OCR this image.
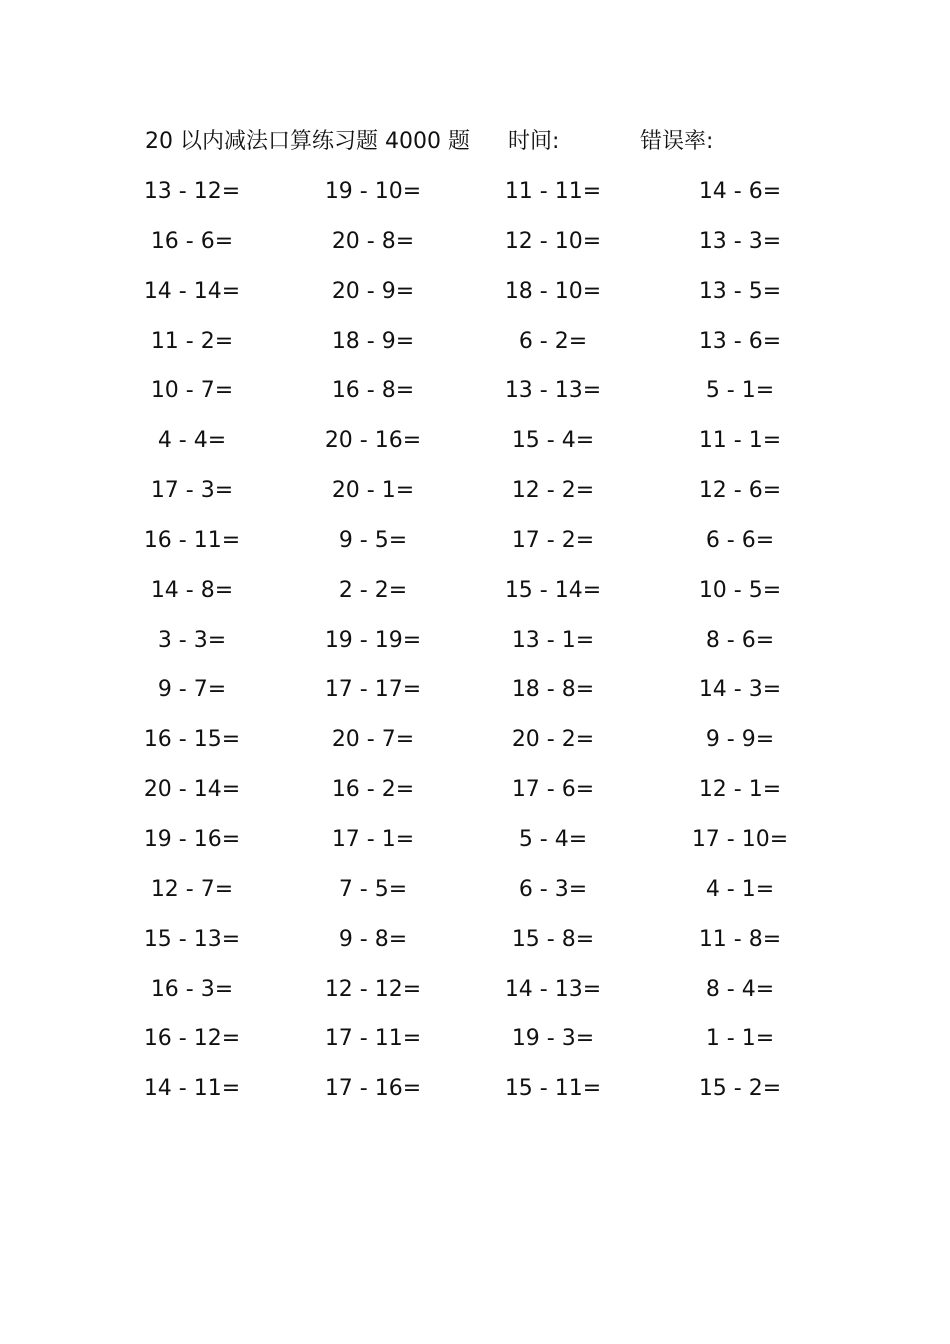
20 以内减法口算练习题 4000 题 时间:	错误率:
13 - 12=	19 - 10=	11 - 11=	14 - 6=
16 - 6=	20 - 8=	12 - 10=	13 - 3=
14 - 14=	20 - 9=	18 - 10=	13 - 5=
11 - 2=	18 - 9=	6 - 2=	13 - 6=
10 - 7=	16 - 8=	13 - 13=	5 - 1=
4 - 4=	20 - 16=	15 - 4=	11 - 1=
17 - 3=	20 - 1=	12 - 2=	12 - 6=
16 - 11=	9 - 5=	17 - 2=	6 - 6=
14 - 8=	2 - 2=	15 - 14=	10 - 5=
3 - 3=	19 - 19=	13 - 1=	8 - 6=
9 - 7=	17 - 17=	18 - 8=	14 - 3=
16 - 15=	20 - 7=	20 - 2=	9 - 9=
20 - 14=	16 - 2=	17 - 6=	12 - 1=
19 - 16=	17 - 1=	5 - 4=	17 - 10=
12 - 7=	7 - 5=	6 - 3=	4 - 1=
15 - 13=	9 - 8=	15 - 8=	11 - 8=
16 - 3=	12 - 12=	14 - 13=	8 - 4=
16 - 12=	17 - 11=	19 - 3=	1 - 1=
14 - 11=	17 - 16=	15 - 11=	15 - 2=
